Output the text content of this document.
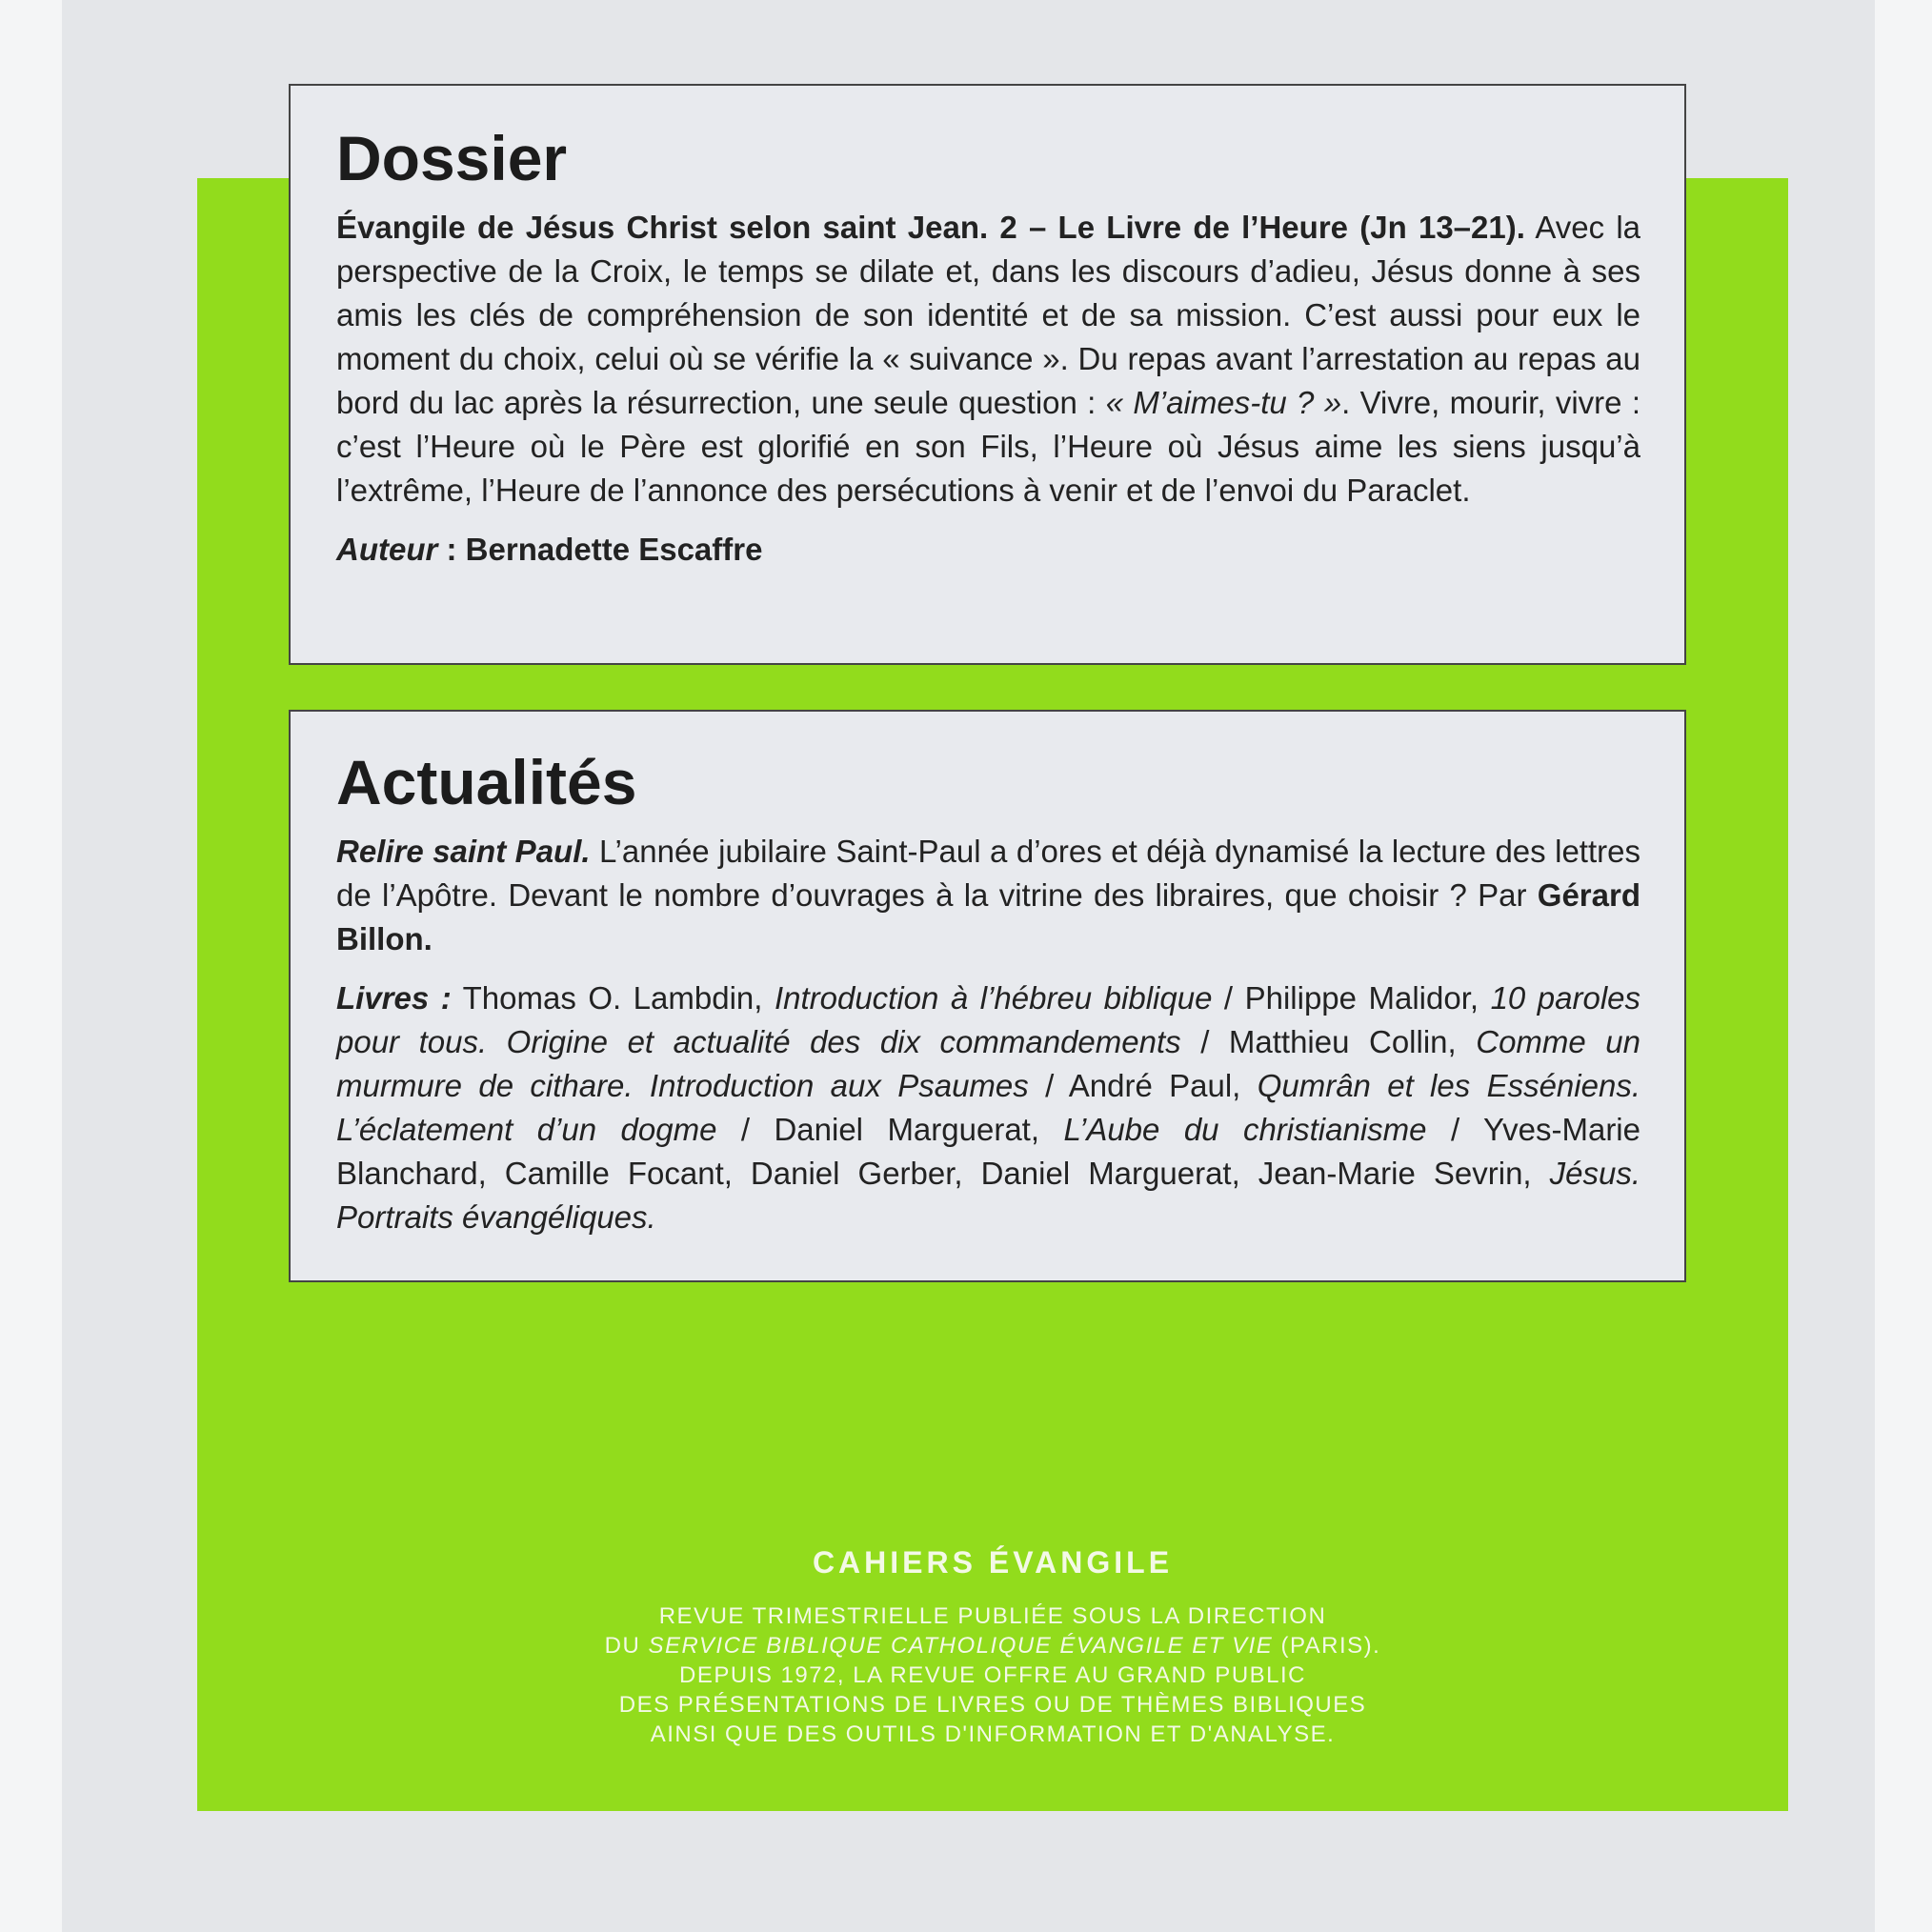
Dossier

Évangile de Jésus Christ selon saint Jean. 2 – Le Livre de l’Heure (Jn 13–21). Avec la perspective de la Croix, le temps se dilate et, dans les discours d’adieu, Jésus donne à ses amis les clés de compréhension de son identité et de sa mission. C’est aussi pour eux le moment du choix, celui où se vérifie la « suivance ». Du repas avant l’arrestation au repas au bord du lac après la résurrection, une seule question : « M’aimes-tu ? ». Vivre, mourir, vivre : c’est l’Heure où le Père est glorifié en son Fils, l’Heure où Jésus aime les siens jusqu’à l’extrême, l’Heure de l’annonce des persécutions à venir et de l’envoi du Paraclet.

Auteur : Bernadette Escaffre

Actualités

Relire saint Paul. L’année jubilaire Saint-Paul a d’ores et déjà dynamisé la lecture des lettres de l’Apôtre. Devant le nombre d’ouvrages à la vitrine des libraires, que choisir ? Par Gérard Billon.

Livres : Thomas O. Lambdin, Introduction à l’hébreu biblique / Philippe Malidor, 10 paroles pour tous. Origine et actualité des dix commandements / Matthieu Collin, Comme un murmure de cithare. Introduction aux Psaumes / André Paul, Qumrân et les Esséniens. L’éclatement d’un dogme / Daniel Marguerat, L’Aube du christianisme / Yves-Marie Blanchard, Camille Focant, Daniel Gerber, Daniel Marguerat, Jean-Marie Sevrin, Jésus. Portraits évangéliques.

CAHIERS ÉVANGILE
REVUE TRIMESTRIELLE PUBLIÉE SOUS LA DIRECTION
DU SERVICE BIBLIQUE CATHOLIQUE ÉVANGILE ET VIE (PARIS).
DEPUIS 1972, LA REVUE OFFRE AU GRAND PUBLIC
DES PRÉSENTATIONS DE LIVRES OU DE THÈMES BIBLIQUES
AINSI QUE DES OUTILS D'INFORMATION ET D'ANALYSE.
